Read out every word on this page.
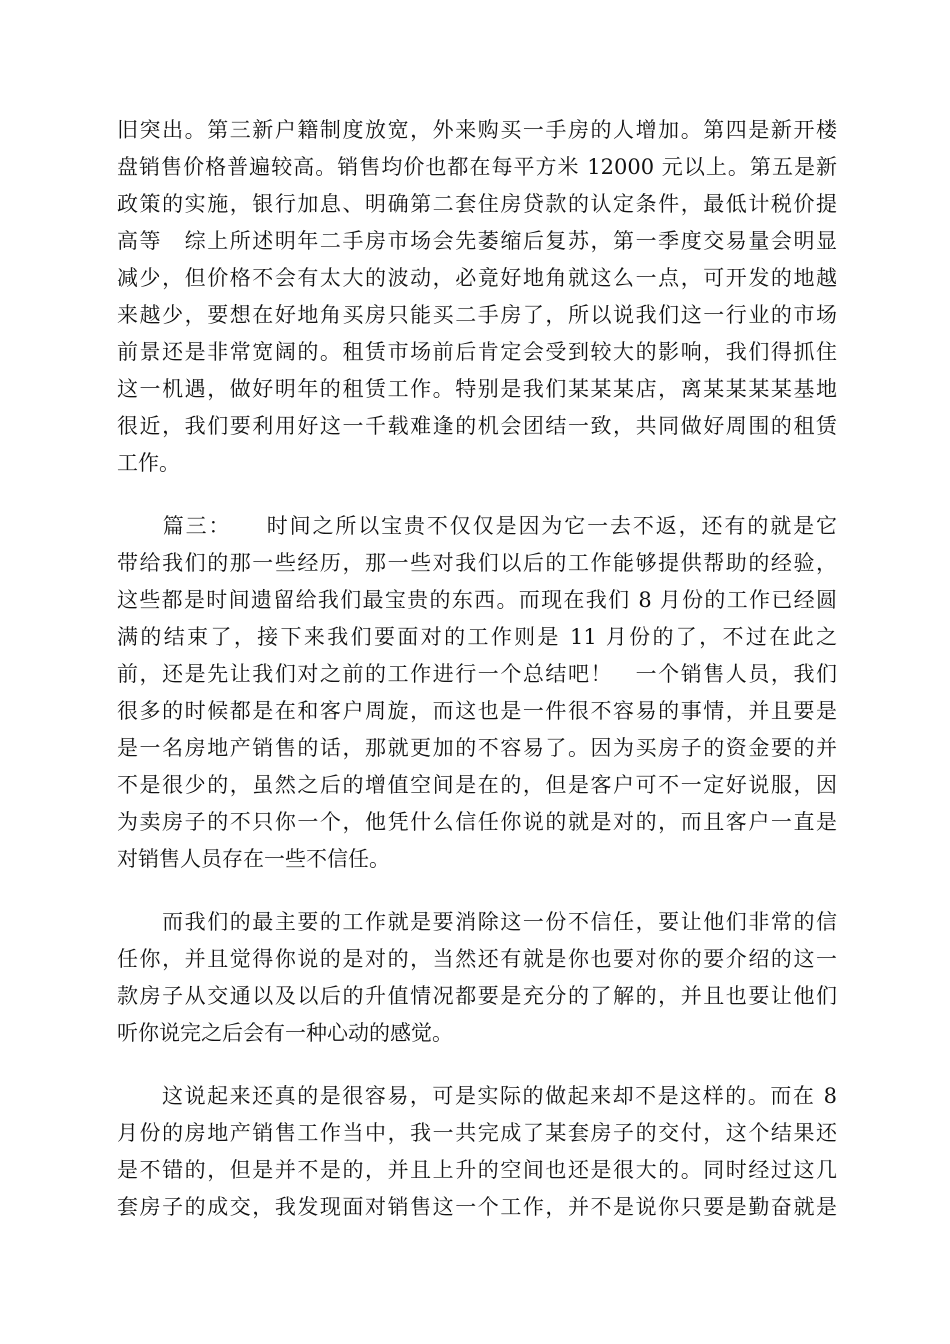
旧突出。第三新户籍制度放宽，外来购买一手房的人增加。第四是新开楼
盘销售价格普遍较高。销售均价也都在每平方米 12000 元以上。第五是新
政策的实施，银行加息、明确第二套住房贷款的认定条件，最低计税价提
高等　综上所述明年二手房市场会先萎缩后复苏，第一季度交易量会明显
减少，但价格不会有太大的波动，必竟好地角就这么一点，可开发的地越
来越少，要想在好地角买房只能买二手房了，所以说我们这一行业的市场
前景还是非常宽阔的。租赁市场前后肯定会受到较大的影响，我们得抓住
这一机遇，做好明年的租赁工作。特别是我们某某某店，离某某某某基地
很近，我们要利用好这一千载难逢的机会团结一致，共同做好周围的租赁
工作。
　　篇三：　　时间之所以宝贵不仅仅是因为它一去不返，还有的就是它
带给我们的那一些经历，那一些对我们以后的工作能够提供帮助的经验，
这些都是时间遗留给我们最宝贵的东西。而现在我们 8 月份的工作已经圆
满的结束了，接下来我们要面对的工作则是 11 月份的了，不过在此之
前，还是先让我们对之前的工作进行一个总结吧！　一个销售人员，我们
很多的时候都是在和客户周旋，而这也是一件很不容易的事情，并且要是
是一名房地产销售的话，那就更加的不容易了。因为买房子的资金要的并
不是很少的，虽然之后的增值空间是在的，但是客户可不一定好说服，因
为卖房子的不只你一个，他凭什么信任你说的就是对的，而且客户一直是
对销售人员存在一些不信任。
　　而我们的最主要的工作就是要消除这一份不信任，要让他们非常的信
任你，并且觉得你说的是对的，当然还有就是你也要对你的要介绍的这一
款房子从交通以及以后的升值情况都要是充分的了解的，并且也要让他们
听你说完之后会有一种心动的感觉。
　　这说起来还真的是很容易，可是实际的做起来却不是这样的。而在 8
月份的房地产销售工作当中，我一共完成了某套房子的交付，这个结果还
是不错的，但是并不是的，并且上升的空间也还是很大的。同时经过这几
套房子的成交，我发现面对销售这一个工作，并不是说你只要是勤奋就是
